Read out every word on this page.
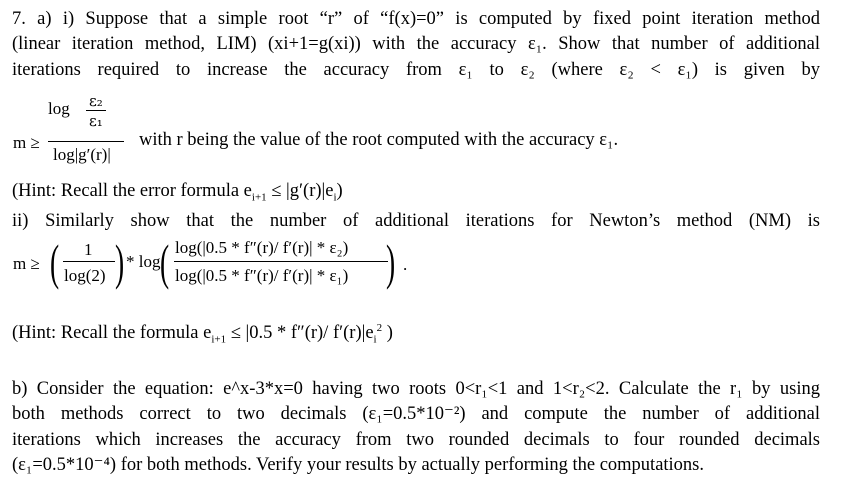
7. a) i) Suppose that a simple root “r” of “f(x)=0” is computed by fixed point iteration method
(linear iteration method, LIM) (xi+1=g(xi)) with the accuracy ε₁. Show that number of additional
iterations required to increase the accuracy from ε₁ to ε₂ (where ε₂ < ε₁) is given by
log ε₂
ε₁
m ≥
log|g′(r)|
with r being the value of the root computed with the accuracy ε₁.
(Hint: Recall the error formula $e_{i+1} \le |g'(r)|e_i$)
ii) Similarly show that the number of additional iterations for Newton’s method (NM) is
m ≥ ( 1
log(2) ) * log ( log(|0.5 * f″(r)/ f′(r)| * ε₂)
log(|0.5 * f″(r)/ f′(r)| * ε₁) ) .
(Hint: Recall the formula $e_{i+1} \le |0.5 * f''(r)/$ $f'(r)|e_i^2$ )
b) Consider the equation: e^x-3*x=0 having two roots 0<r₁<1 and 1<r₂<2. Calculate the r₁ by using
both methods correct to two decimals (ε₁=0.5*10⁻²) and compute the number of additional
iterations which increases the accuracy from two rounded decimals to four rounded decimals
(ε₁=0.5*10⁻⁴) for both methods. Verify your results by actually performing the computations.
